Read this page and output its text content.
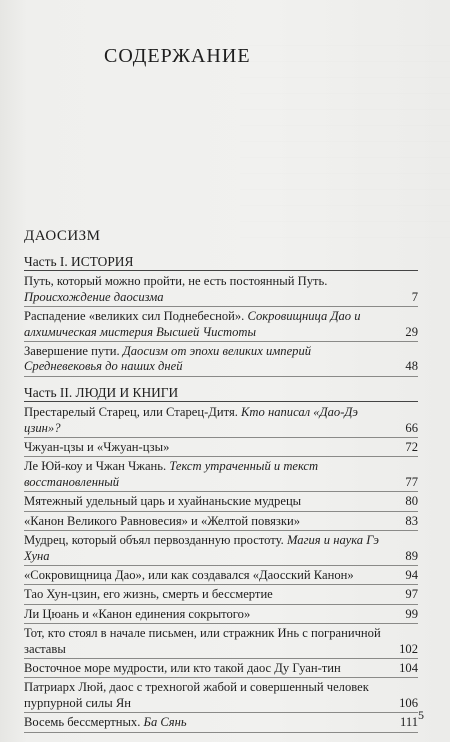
СОДЕРЖАНИЕ
ДАОСИЗМ
Часть I. ИСТОРИЯ
Путь, который можно пройти, не есть постоянный Путь. Происхождение даосизма	7
Распадение «великих сил Поднебесной». Сокровищница Дао и алхимическая мистерия Высшей Чистоты	29
Завершение пути. Даосизм от эпохи великих империй Средневековья до наших дней	48
Часть II. ЛЮДИ И КНИГИ
Престарелый Старец, или Старец-Дитя. Кто написал «Дао-Дэ цзин»?	66
Чжуан-цзы и «Чжуан-цзы»	72
Ле Юй-коу и Чжан Чжань. Текст утраченный и текст восстановленный	77
Мятежный удельный царь и хуайнаньские мудрецы	80
«Канон Великого Равновесия» и «Желтой повязки»	83
Мудрец, который объял первозданную простоту. Магия и наука Гэ Хуна	89
«Сокровищница Дао», или как создавался «Даосский Канон»	94
Тао Хун-цзин, его жизнь, смерть и бессмертие	97
Ли Цюань и «Канон единения сокрытого»	99
Тот, кто стоял в начале письмен, или стражник Инь с пограничной заставы	102
Восточное море мудрости, или кто такой даос Ду Гуан-тин	104
Патриарх Люй, даос с трехногой жабой и совершенный человек пурпурной силы Ян	106
Восемь бессмертных. Ба Сянь	111
5
